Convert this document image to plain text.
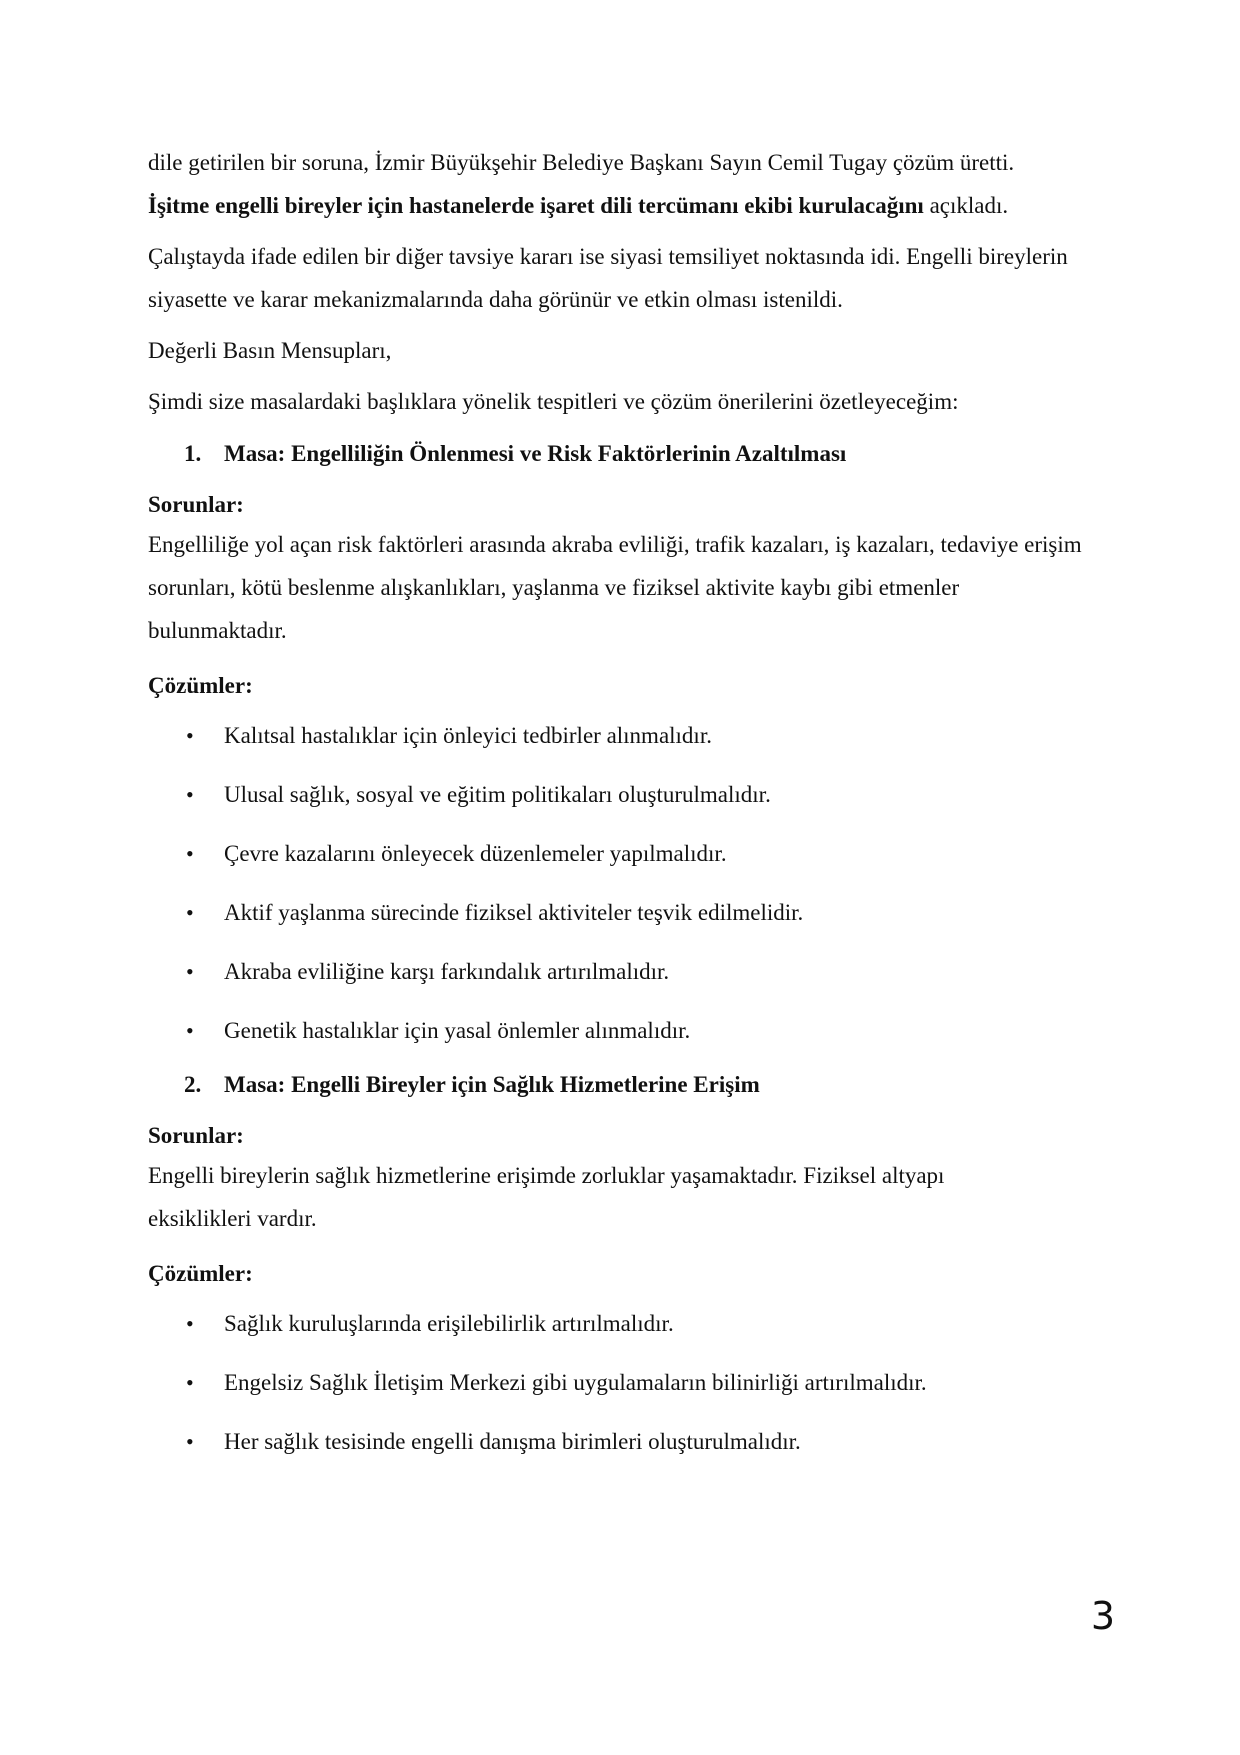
dile getirilen bir soruna, İzmir Büyükşehir Belediye Başkanı Sayın Cemil Tugay çözüm üretti.
İşitme engelli bireyler için hastanelerde işaret dili tercümanı ekibi kurulacağını açıkladı.

Çalıştayda ifade edilen bir diğer tavsiye kararı ise siyasi temsiliyet noktasında idi. Engelli bireylerin siyasette ve karar mekanizmalarında daha görünür ve etkin olması istenildi.

Değerli Basın Mensupları,

Şimdi size masalardaki başlıklara yönelik tespitleri ve çözüm önerilerini özetleyeceğim:

1. Masa: Engelliliğin Önlenmesi ve Risk Faktörlerinin Azaltılması
Sorunlar:

Engelliliğe yol açan risk faktörleri arasında akraba evliliği, trafik kazaları, iş kazaları, tedaviye erişim sorunları, kötü beslenme alışkanlıkları, yaşlanma ve fiziksel aktivite kaybı gibi etmenler bulunmaktadır.

Çözümler:
•	Kalıtsal hastalıklar için önleyici tedbirler alınmalıdır.
•	Ulusal sağlık, sosyal ve eğitim politikaları oluşturulmalıdır.
•	Çevre kazalarını önleyecek düzenlemeler yapılmalıdır.
•	Aktif yaşlanma sürecinde fiziksel aktiviteler teşvik edilmelidir.
•	Akraba evliliğine karşı farkındalık artırılmalıdır.
•	Genetik hastalıklar için yasal önlemler alınmalıdır.
2. Masa: Engelli Bireyler için Sağlık Hizmetlerine Erişim
Sorunlar:

Engelli bireylerin sağlık hizmetlerine erişimde zorluklar yaşamaktadır. Fiziksel altyapı eksiklikleri vardır.

Çözümler:
•	Sağlık kuruluşlarında erişilebilirlik artırılmalıdır.
•	Engelsiz Sağlık İletişim Merkezi gibi uygulamaların bilinirliği artırılmalıdır.
•	Her sağlık tesisinde engelli danışma birimleri oluşturulmalıdır.
3
